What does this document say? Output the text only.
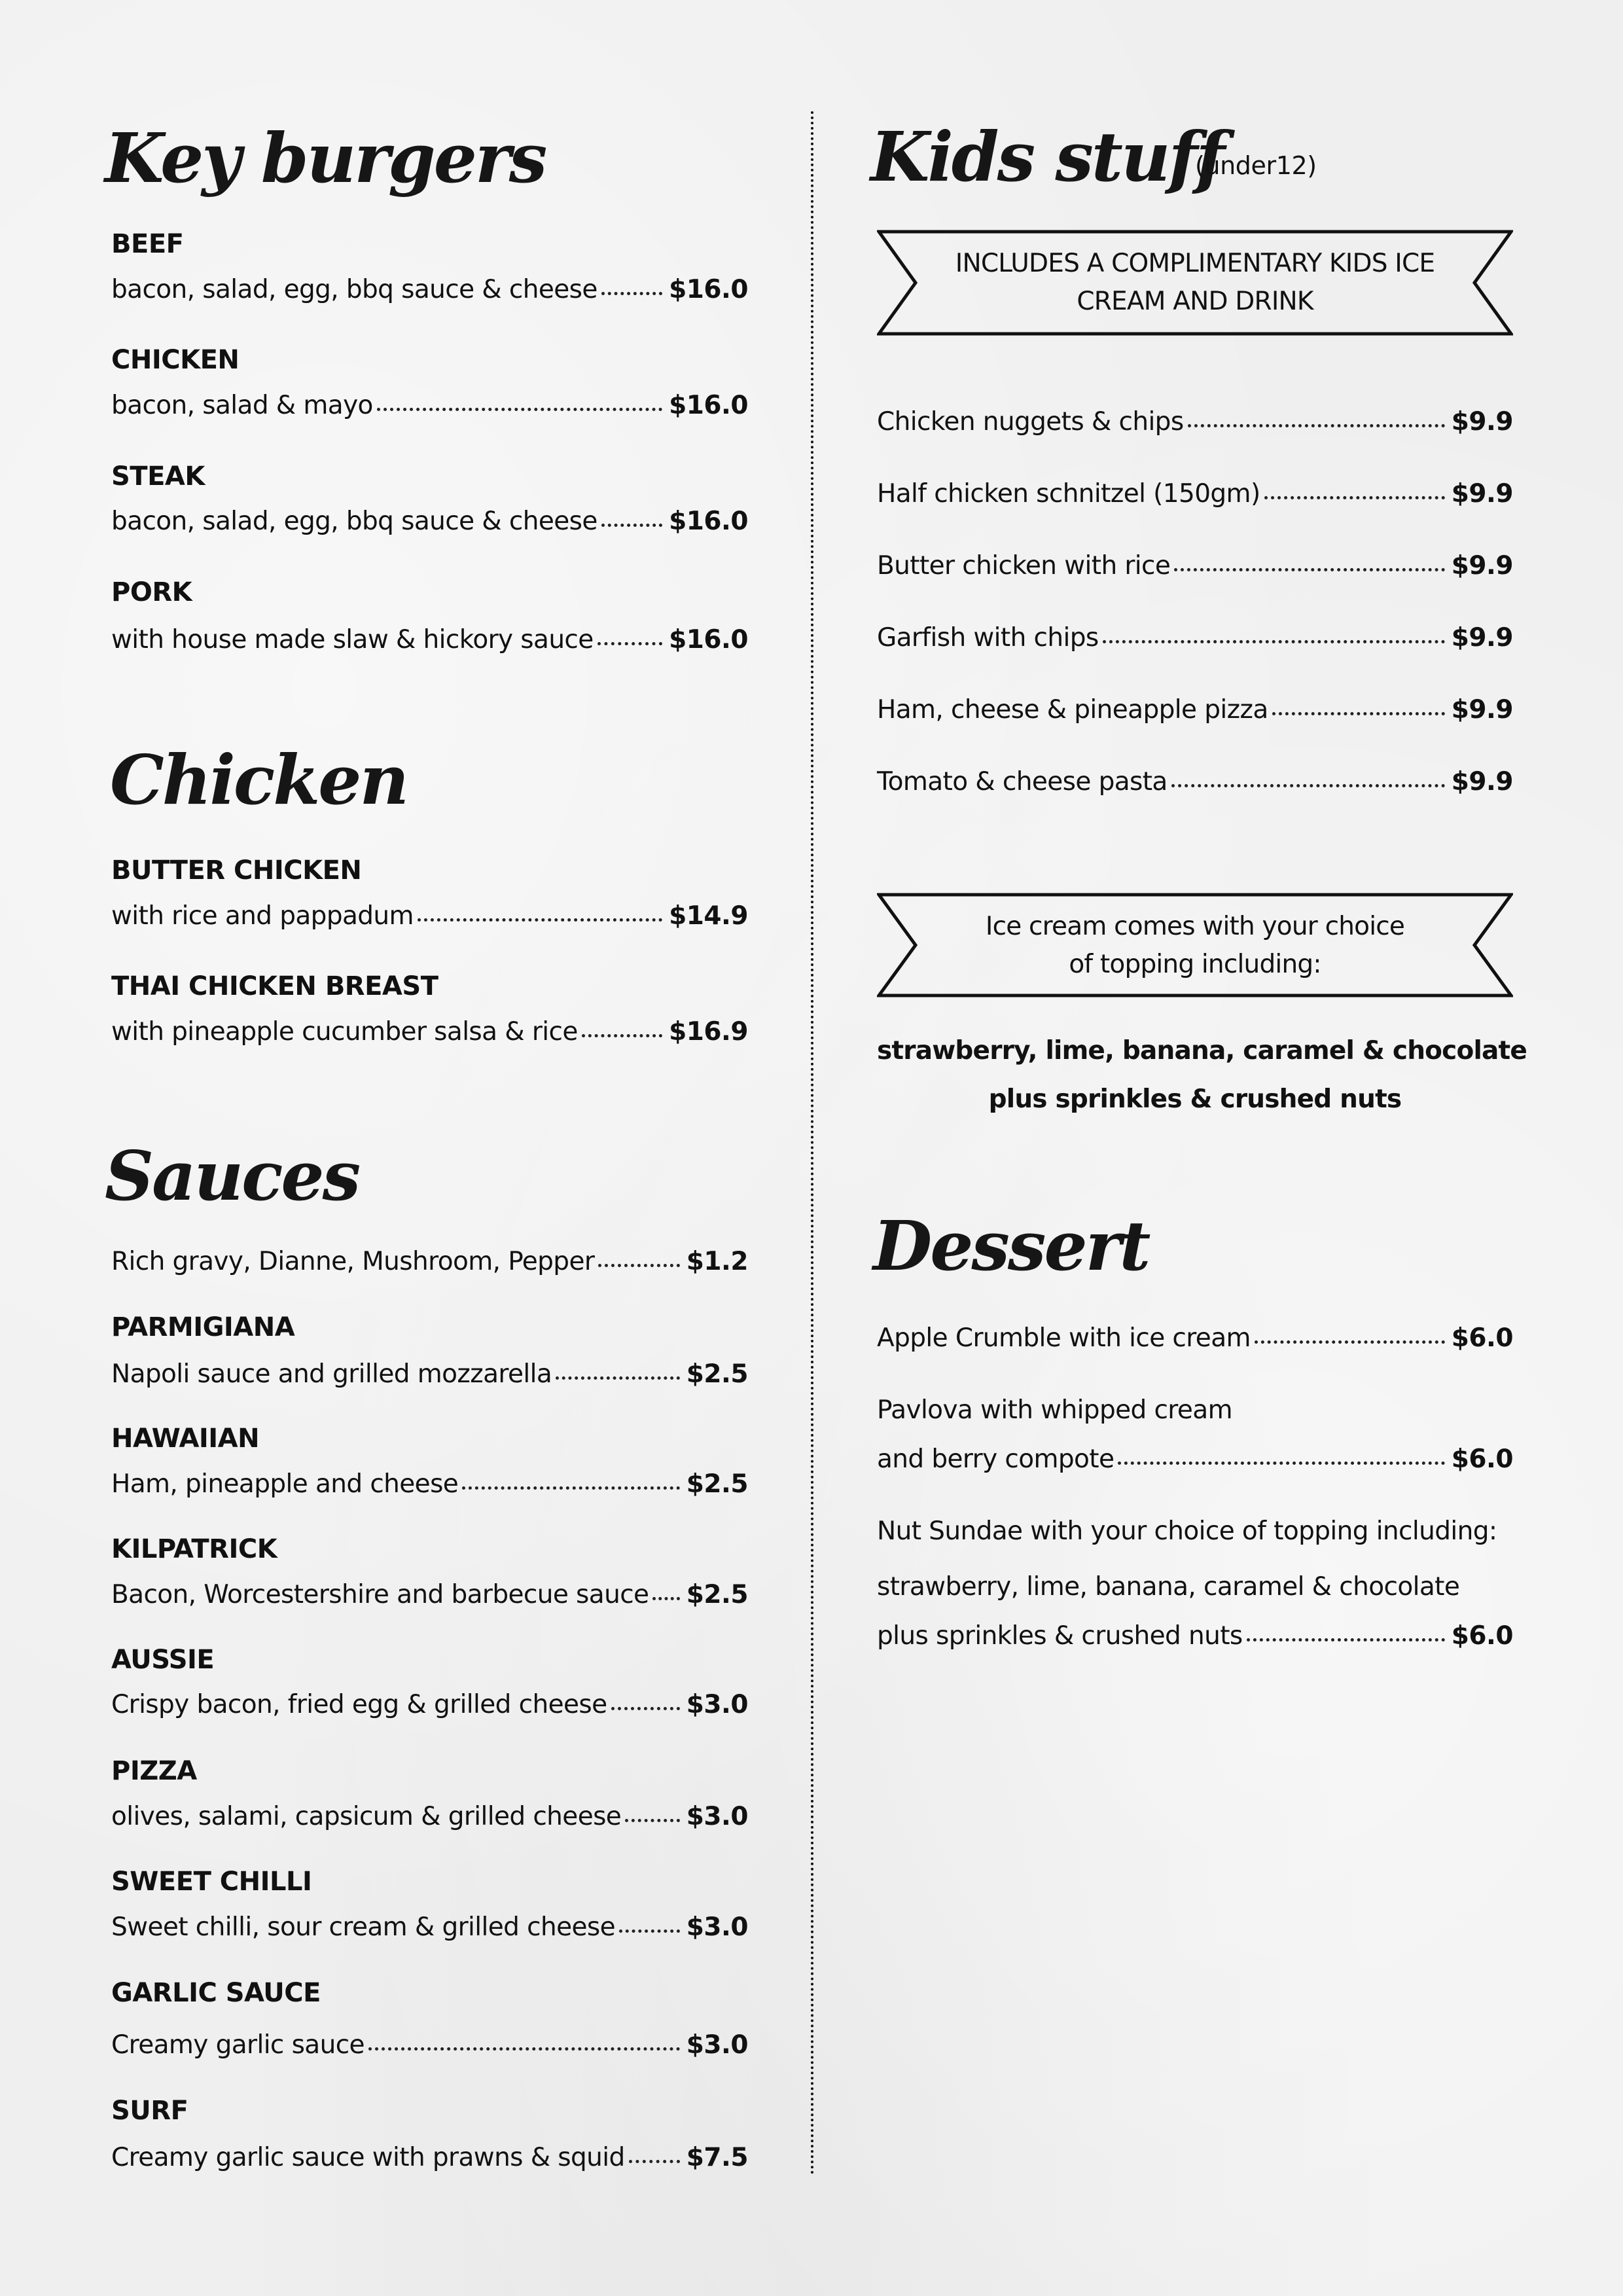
Key burgers
BEEF
bacon, salad, egg, bbq sauce & cheese	$16.0
CHICKEN
bacon, salad & mayo	$16.0
STEAK
bacon, salad, egg, bbq sauce & cheese	$16.0
PORK
with house made slaw & hickory sauce	$16.0
Chicken
BUTTER CHICKEN
with rice and pappadum	$14.9
THAI CHICKEN BREAST
with pineapple cucumber salsa & rice	$16.9
Sauces
Rich gravy, Dianne, Mushroom, Pepper	$1.2
PARMIGIANA
Napoli sauce and grilled mozzarella	$2.5
HAWAIIAN
Ham, pineapple and cheese	$2.5
KILPATRICK
Bacon, Worcestershire and barbecue sauce $2.5
AUSSIE
Crispy bacon, fried egg & grilled cheese	$3.0
PIZZA
olives, salami, capsicum & grilled cheese	$3.0
SWEET CHILLI
Sweet chilli, sour cream & grilled cheese	$3.0
GARLIC SAUCE
Creamy garlic sauce	$3.0
SURF
Creamy garlic sauce with prawns & squid $7.5
Kids stuff
(under12)
INCLUDES A COMPLIMENTARY KIDS ICE
CREAM AND DRINK
Chicken nuggets & chips	$9.9
Half chicken schnitzel (150gm)	$9.9
Butter chicken with rice	$9.9
Garfish with chips	$9.9
Ham, cheese & pineapple pizza	$9.9
Tomato & cheese pasta	$9.9
Ice cream comes with your choice
of topping including:
strawberry, lime, banana, caramel & chocolate
plus sprinkles & crushed nuts
Dessert
Apple Crumble with ice cream	$6.0
Pavlova with whipped cream
and berry compote	$6.0
Nut Sundae with your choice of topping including:
strawberry, lime, banana, caramel & chocolate
plus sprinkles & crushed nuts	$6.0
